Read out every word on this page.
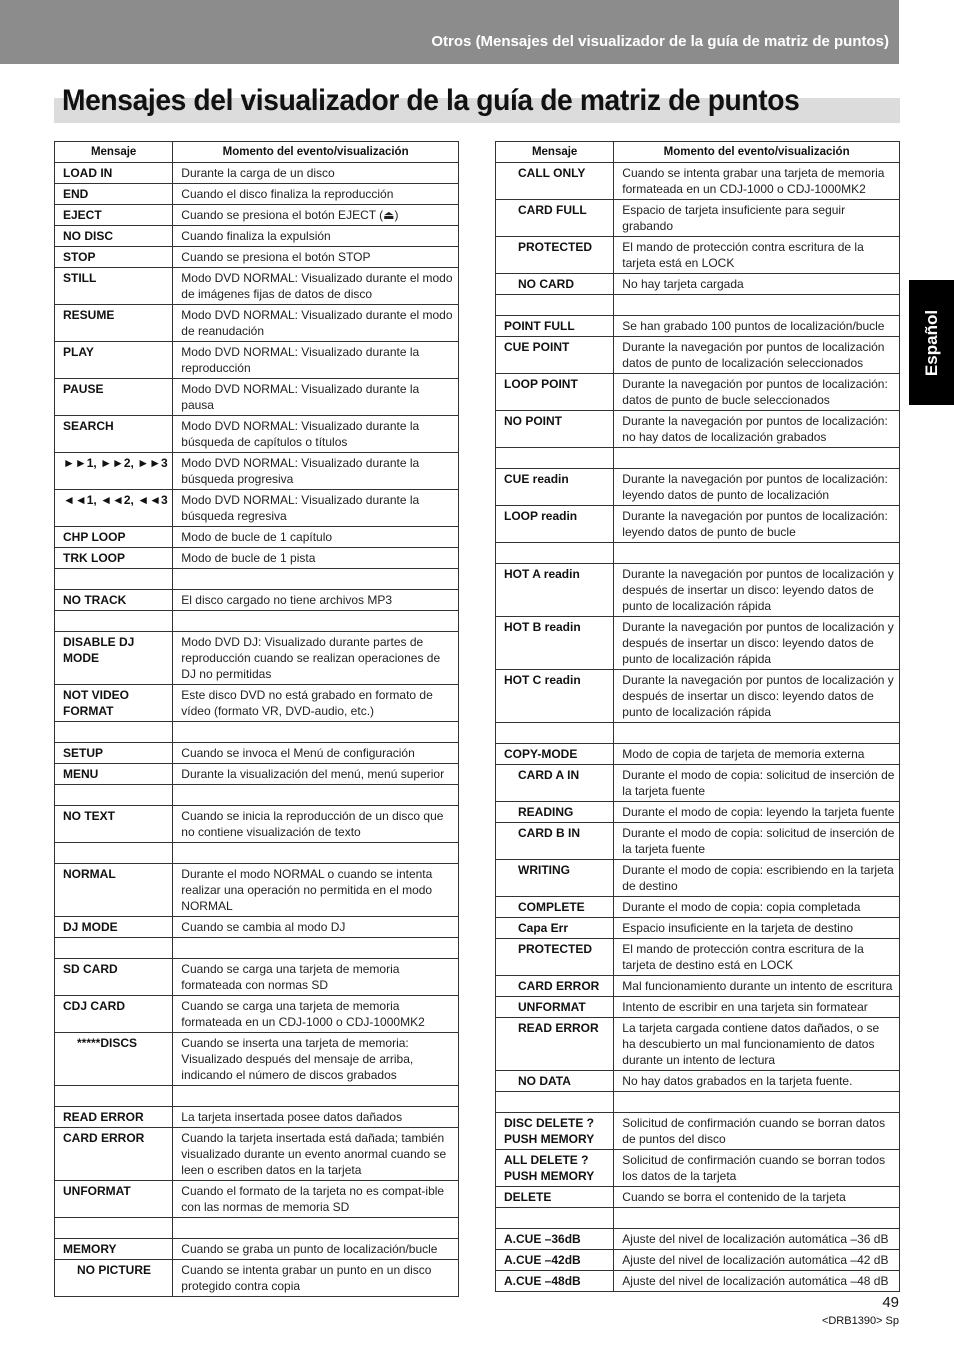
Otros (Mensajes del visualizador de la guía de matriz de puntos)
Mensajes del visualizador de la guía de matriz de puntos
Español
Mensaje	Momento del evento/visualización
LOAD IN	Durante la carga de un disco
END	Cuando el disco finaliza la reproducción
EJECT	Cuando se presiona el botón EJECT (⏏)
NO DISC	Cuando finaliza la expulsión
STOP	Cuando se presiona el botón STOP
STILL	Modo DVD NORMAL: Visualizado durante el modo de imágenes fijas de datos de disco
RESUME	Modo DVD NORMAL: Visualizado durante el modo de reanudación
PLAY	Modo DVD NORMAL: Visualizado durante la reproducción
PAUSE	Modo DVD NORMAL: Visualizado durante la pausa
SEARCH	Modo DVD NORMAL: Visualizado durante la búsqueda de capítulos o títulos
►►1, ►►2, ►►3	Modo DVD NORMAL: Visualizado durante la búsqueda progresiva
◄◄1, ◄◄2, ◄◄3	Modo DVD NORMAL: Visualizado durante la búsqueda regresiva
CHP LOOP	Modo de bucle de 1 capítulo
TRK LOOP	Modo de bucle de 1 pista

NO TRACK	El disco cargado no tiene archivos MP3

DISABLE DJ MODE	Modo DVD DJ: Visualizado durante partes de reproducción cuando se realizan operaciones de DJ no permitidas
NOT VIDEO FORMAT	Este disco DVD no está grabado en formato de vídeo (formato VR, DVD-audio, etc.)

SETUP	Cuando se invoca el Menú de configuración
MENU	Durante la visualización del menú, menú superior

NO TEXT	Cuando se inicia la reproducción de un disco que no contiene visualización de texto

NORMAL	Durante el modo NORMAL o cuando se intenta realizar una operación no permitida en el modo NORMAL
DJ MODE	Cuando se cambia al modo DJ

SD CARD	Cuando se carga una tarjeta de memoria formateada con normas SD
CDJ CARD	Cuando se carga una tarjeta de memoria formateada en un CDJ-1000 o CDJ-1000MK2
*****DISCS	Cuando se inserta una tarjeta de memoria: Visualizado después del mensaje de arriba, indicando el número de discos grabados

READ ERROR	La tarjeta insertada posee datos dañados
CARD ERROR	Cuando la tarjeta insertada está dañada; también visualizado durante un evento anormal cuando se leen o escriben datos en la tarjeta
UNFORMAT	Cuando el formato de la tarjeta no es compat-ible con las normas de memoria SD

MEMORY	Cuando se graba un punto de localización/bucle
NO PICTURE	Cuando se intenta grabar un punto en un disco protegido contra copia
Mensaje	Momento del evento/visualización
CALL ONLY	Cuando se intenta grabar una tarjeta de memoria formateada en un CDJ-1000 o CDJ-1000MK2
CARD FULL	Espacio de tarjeta insuficiente para seguir grabando
PROTECTED	El mando de protección contra escritura de la tarjeta está en LOCK
NO CARD	No hay tarjeta cargada

POINT FULL	Se han grabado 100 puntos de localización/bucle
CUE POINT	Durante la navegación por puntos de localización datos de punto de localización seleccionados
LOOP POINT	Durante la navegación por puntos de localización: datos de punto de bucle seleccionados
NO POINT	Durante la navegación por puntos de localización: no hay datos de localización grabados

CUE readin	Durante la navegación por puntos de localización: leyendo datos de punto de localización
LOOP readin	Durante la navegación por puntos de localización: leyendo datos de punto de bucle

HOT A readin	Durante la navegación por puntos de localización y después de insertar un disco: leyendo datos de punto de localización rápida
HOT B readin	Durante la navegación por puntos de localización y después de insertar un disco: leyendo datos de punto de localización rápida
HOT C readin	Durante la navegación por puntos de localización y después de insertar un disco: leyendo datos de punto de localización rápida

COPY-MODE	Modo de copia de tarjeta de memoria externa
CARD A IN	Durante el modo de copia: solicitud de inserción de la tarjeta fuente
READING	Durante el modo de copia: leyendo la tarjeta fuente
CARD B IN	Durante el modo de copia: solicitud de inserción de la tarjeta fuente
WRITING	Durante el modo de copia: escribiendo en la tarjeta de destino
COMPLETE	Durante el modo de copia: copia completada
Capa Err	Espacio insuficiente en la tarjeta de destino
PROTECTED	El mando de protección contra escritura de la tarjeta de destino está en LOCK
CARD ERROR	Mal funcionamiento durante un intento de escritura
UNFORMAT	Intento de escribir en una tarjeta sin formatear
READ ERROR	La tarjeta cargada contiene datos dañados, o se ha descubierto un mal funcionamiento de datos durante un intento de lectura
NO DATA	No hay datos grabados en la tarjeta fuente.

DISC DELETE ? PUSH MEMORY	Solicitud de confirmación cuando se borran datos de puntos del disco
ALL DELETE ? PUSH MEMORY	Solicitud de confirmación cuando se borran todos los datos de la tarjeta
DELETE	Cuando se borra el contenido de la tarjeta

A.CUE –36dB	Ajuste del nivel de localización automática –36 dB
A.CUE –42dB	Ajuste del nivel de localización automática –42 dB
A.CUE –48dB	Ajuste del nivel de localización automática –48 dB
49
<DRB1390> Sp
